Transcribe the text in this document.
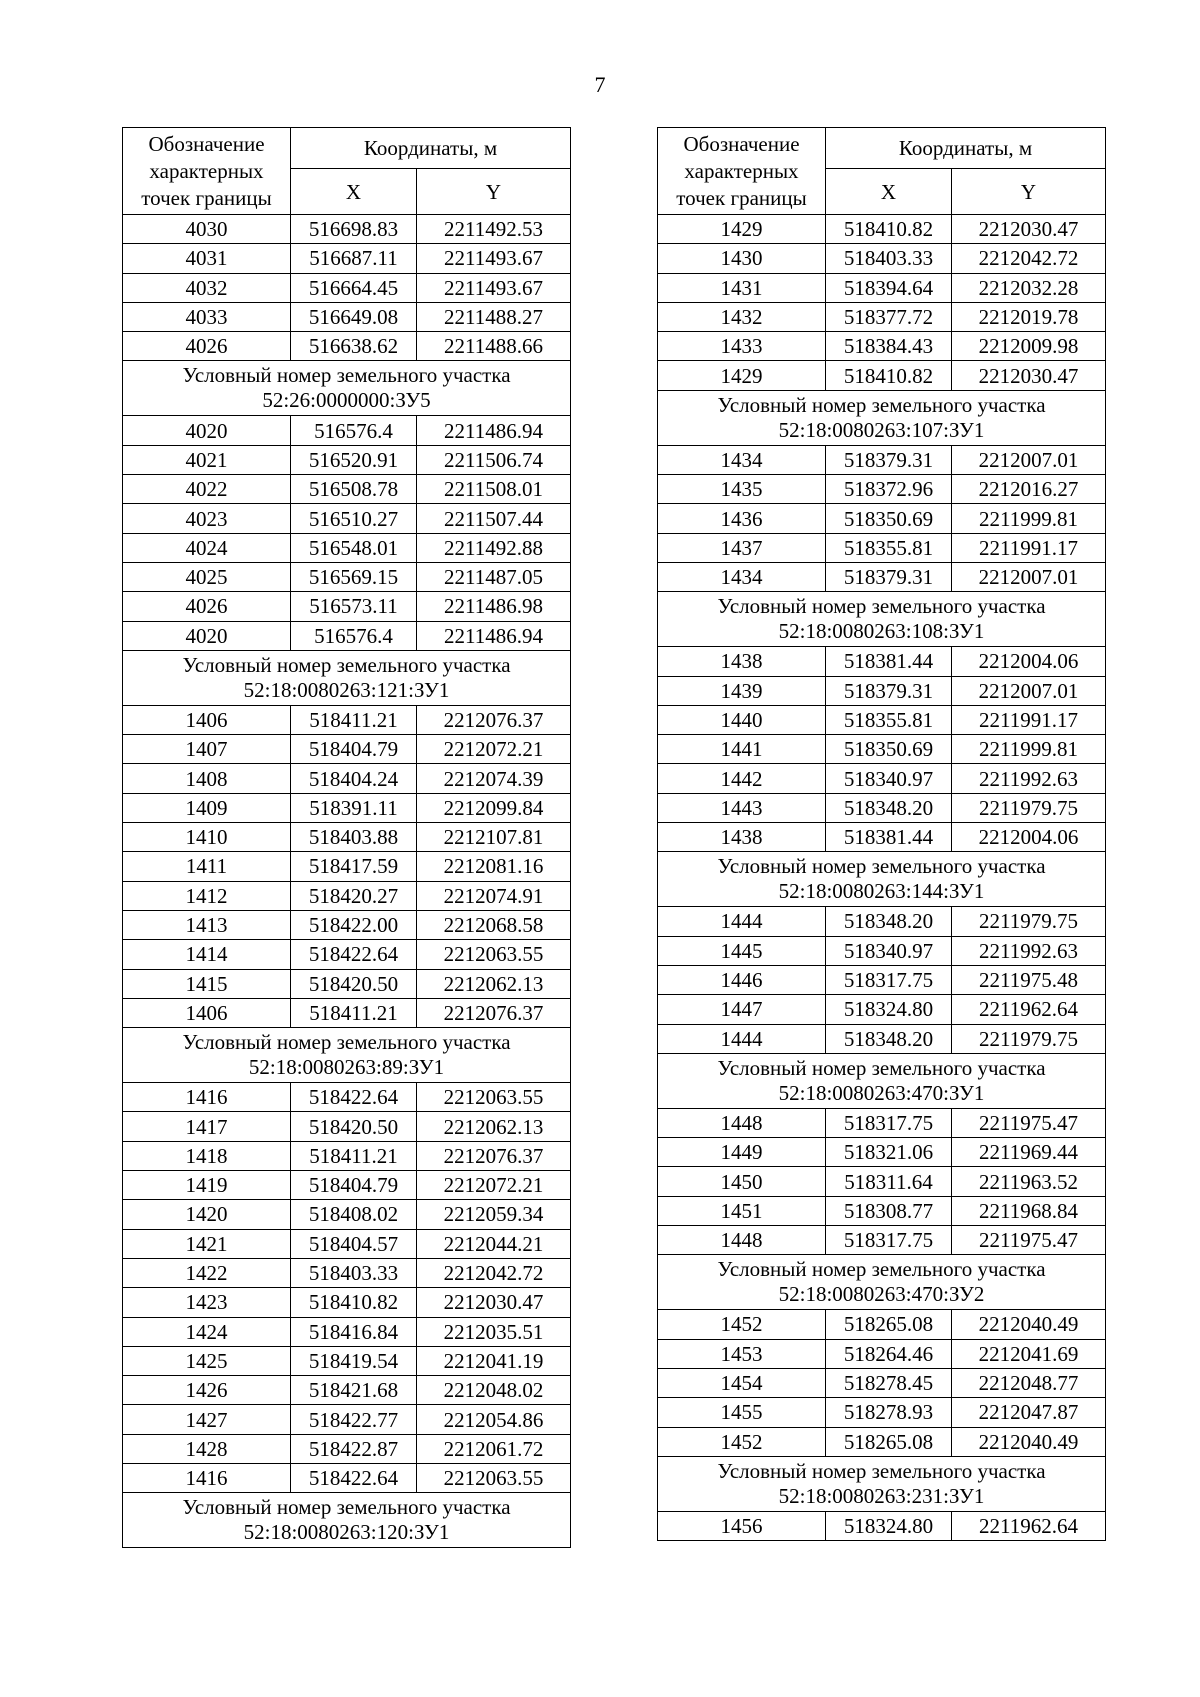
7
Обозначение характерных точек границы	Координаты, м	
	X	Y
4030	516698.83	2211492.53
4031	516687.11	2211493.67
4032	516664.45	2211493.67
4033	516649.08	2211488.27
4026	516638.62	2211488.66

Условный номер земельного участка
52:26:0000000:ЗУ5		

4020	516576.4	2211486.94
4021	516520.91	2211506.74
4022	516508.78	2211508.01
4023	516510.27	2211507.44
4024	516548.01	2211492.88
4025	516569.15	2211487.05
4026	516573.11	2211486.98
4020	516576.4	2211486.94

Условный номер земельного участка
52:18:0080263:121:ЗУ1		

1406	518411.21	2212076.37
1407	518404.79	2212072.21
1408	518404.24	2212074.39
1409	518391.11	2212099.84
1410	518403.88	2212107.81
1411	518417.59	2212081.16
1412	518420.27	2212074.91
1413	518422.00	2212068.58
1414	518422.64	2212063.55
1415	518420.50	2212062.13
1406	518411.21	2212076.37

Условный номер земельного участка
52:18:0080263:89:ЗУ1		

1416	518422.64	2212063.55
1417	518420.50	2212062.13
1418	518411.21	2212076.37
1419	518404.79	2212072.21
1420	518408.02	2212059.34
1421	518404.57	2212044.21
1422	518403.33	2212042.72
1423	518410.82	2212030.47
1424	518416.84	2212035.51
1425	518419.54	2212041.19
1426	518421.68	2212048.02
1427	518422.77	2212054.86
1428	518422.87	2212061.72
1416	518422.64	2212063.55

Условный номер земельного участка
52:18:0080263:120:ЗУ1		
Обозначение характерных точек границы	Координаты, м	
	X	Y
1429	518410.82	2212030.47
1430	518403.33	2212042.72
1431	518394.64	2212032.28
1432	518377.72	2212019.78
1433	518384.43	2212009.98
1429	518410.82	2212030.47

Условный номер земельного участка
52:18:0080263:107:ЗУ1		

1434	518379.31	2212007.01
1435	518372.96	2212016.27
1436	518350.69	2211999.81
1437	518355.81	2211991.17
1434	518379.31	2212007.01

Условный номер земельного участка
52:18:0080263:108:ЗУ1		

1438	518381.44	2212004.06
1439	518379.31	2212007.01
1440	518355.81	2211991.17
1441	518350.69	2211999.81
1442	518340.97	2211992.63
1443	518348.20	2211979.75
1438	518381.44	2212004.06

Условный номер земельного участка
52:18:0080263:144:ЗУ1		

1444	518348.20	2211979.75
1445	518340.97	2211992.63
1446	518317.75	2211975.48
1447	518324.80	2211962.64
1444	518348.20	2211979.75

Условный номер земельного участка
52:18:0080263:470:ЗУ1		

1448	518317.75	2211975.47
1449	518321.06	2211969.44
1450	518311.64	2211963.52
1451	518308.77	2211968.84
1448	518317.75	2211975.47

Условный номер земельного участка
52:18:0080263:470:ЗУ2		

1452	518265.08	2212040.49
1453	518264.46	2212041.69
1454	518278.45	2212048.77
1455	518278.93	2212047.87
1452	518265.08	2212040.49

Условный номер земельного участка
52:18:0080263:231:ЗУ1		

1456	518324.80	2211962.64
